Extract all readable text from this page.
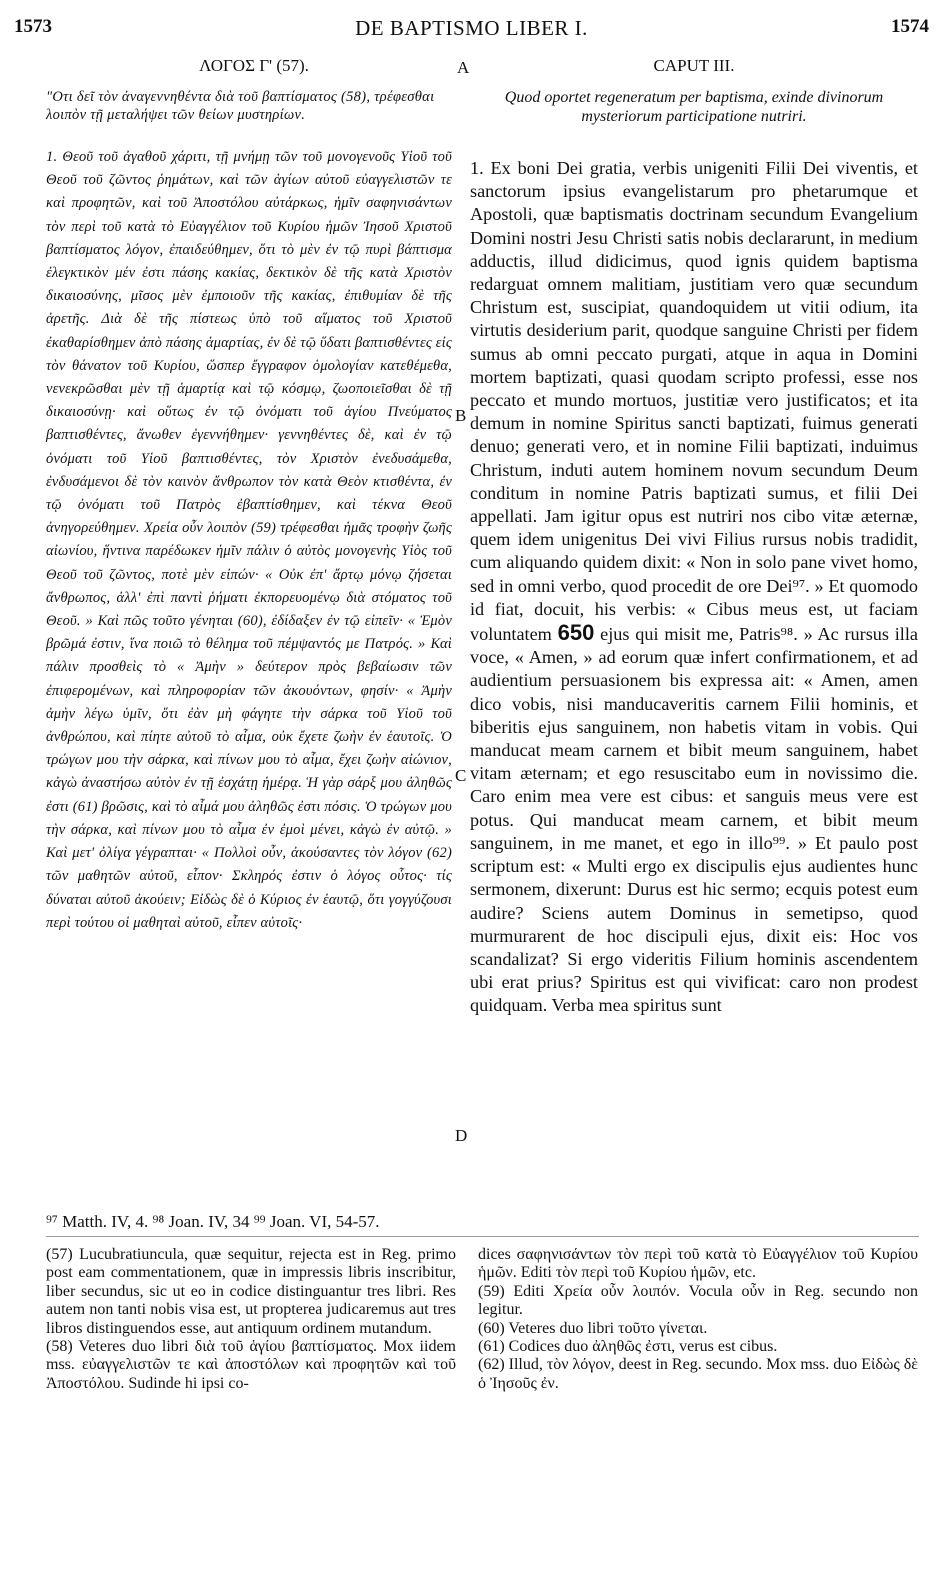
1573	DE BAPTISMO LIBER I.	1574
ΛΟΓΟΣ Γ' (57).
"Οτι δεῖ τὸν ἀναγεννηθέντα διὰ τοῦ βαπτίσματος (58), τρέφεσθαι λοιπὸν τῇ μεταλήψει τῶν θείων μυστηρίων.

1. Θεοῦ τοῦ ἀγαθοῦ χάριτι, τῇ μνήμῃ τῶν τοῦ μονογενοῦς Υἱοῦ τοῦ Θεοῦ τοῦ ζῶντος ῥημάτων, καὶ τῶν ἁγίων αὐτοῦ εὐαγγελιστῶν τε καὶ προφητῶν, καὶ τοῦ Ἀποστόλου αὐτάρκως, ἡμῖν σαφηνισάντων τὸν περὶ τοῦ κατὰ τὸ Εὐαγγέλιον τοῦ Κυρίου ἡμῶν Ἰησοῦ Χριστοῦ βαπτίσματος λόγον, ἐπαιδεύθημεν, ὅτι τὸ μὲν ἐν τῷ πυρὶ βάπτισμα ἐλεγκτικὸν μέν ἐστι πάσης κακίας, δεκτικὸν δὲ τῆς κατὰ Χριστὸν δικαιοσύνης, μῖσος μὲν ἐμποιοῦν τῆς κακίας, ἐπιθυμίαν δὲ τῆς ἀρετῆς. Διὰ δὲ τῆς πίστεως ὑπὸ τοῦ αἵματος τοῦ Χριστοῦ ἐκαθαρίσθημεν ἀπὸ πάσης ἁμαρτίας, ἐν δὲ τῷ ὕδατι βαπτισθέντες εἰς τὸν θάνατον τοῦ Κυρίου, ὥσπερ ἔγγραφον ὁμολογίαν κατεθέμεθα, νενεκρῶσθαι μὲν τῇ ἁμαρτίᾳ καὶ τῷ κόσμῳ, ζωοποιεῖσθαι δὲ τῇ δικαιοσύνῃ· καὶ οὕτως ἐν τῷ ὀνόματι τοῦ ἁγίου Πνεύματος βαπτισθέντες, ἄνωθεν ἐγεννήθημεν· γεννηθέντες δὲ, καὶ ἐν τῷ ὀνόματι τοῦ Υἱοῦ βαπτισθέντες, τὸν Χριστὸν ἐνεδυσάμεθα, ἐνδυσάμενοι δὲ τὸν καινὸν ἄνθρωπον τὸν κατὰ Θεὸν κτισθέντα, ἐν τῷ ὀνόματι τοῦ Πατρὸς ἐβαπτίσθημεν, καὶ τέκνα Θεοῦ ἀνηγορεύθημεν. Χρεία οὖν λοιπὸν (59) τρέφεσθαι ἡμᾶς τροφὴν ζωῆς αἰωνίου, ἥντινα παρέδωκεν ἡμῖν πάλιν ὁ αὐτὸς μονογενὴς Υἱὸς τοῦ Θεοῦ τοῦ ζῶντος, ποτὲ μὲν εἰπών· « Οὐκ ἐπ' ἄρτῳ μόνῳ ζήσεται ἄνθρωπος, ἀλλ' ἐπὶ παντὶ ῥήματι ἐκπορευομένῳ διὰ στόματος τοῦ Θεοῦ. » Καὶ πῶς τοῦτο γένηται (60), ἐδίδαξεν ἐν τῷ εἰπεῖν· « Ἐμὸν βρῶμά ἐστιν, ἵνα ποιῶ τὸ θέλημα τοῦ πέμψαντός με Πατρός. » Καὶ πάλιν προσθεὶς τὸ « Ἀμὴν » δεύτερον πρὸς βεβαίωσιν τῶν ἐπιφερομένων, καὶ πληροφορίαν τῶν ἀκουόντων, φησίν· « Ἀμὴν ἀμὴν λέγω ὑμῖν, ὅτι ἐὰν μὴ φάγητε τὴν σάρκα τοῦ Υἱοῦ τοῦ ἀνθρώπου, καὶ πίητε αὐτοῦ τὸ αἷμα, οὐκ ἔχετε ζωὴν ἐν ἑαυτοῖς. Ὁ τρώγων μου τὴν σάρκα, καὶ πίνων μου τὸ αἷμα, ἔχει ζωὴν αἰώνιον, κἀγὼ ἀναστήσω αὐτὸν ἐν τῇ ἐσχάτῃ ἡμέρᾳ. Ἡ γὰρ σάρξ μου ἀληθῶς ἐστι (61) βρῶσις, καὶ τὸ αἷμά μου ἀληθῶς ἐστι πόσις. Ὁ τρώγων μου τὴν σάρκα, καὶ πίνων μου τὸ αἷμα ἐν ἐμοὶ μένει, κἀγὼ ἐν αὐτῷ. » Καὶ μετ' ὀλίγα γέγραπται· « Πολλοὶ οὖν, ἀκούσαντες τὸν λόγον (62) τῶν μαθητῶν αὐτοῦ, εἶπον· Σκληρός ἐστιν ὁ λόγος οὗτος· τίς δύναται αὐτοῦ ἀκούειν; Εἰδὼς δὲ ὁ Κύριος ἐν ἑαυτῷ, ὅτι γογγύζουσι περὶ τούτου οἱ μαθηταὶ αὐτοῦ, εἶπεν αὐτοῖς·

A
B
C
D
CAPUT III.
Quod oportet regeneratum per baptisma, exinde divinorum mysteriorum participatione nutriri.

1. Ex boni Dei gratia, verbis unigeniti Filii Dei viventis, et sanctorum ipsius evangelistarum pro phetarumque et Apostoli, quæ baptismatis doctrinam secundum Evangelium Domini nostri Jesu Christi satis nobis declararunt, in medium adductis, illud didicimus, quod ignis quidem baptisma redarguat omnem malitiam, justitiam vero quæ secundum Christum est, suscipiat, quandoquidem ut vitii odium, ita virtutis desiderium parit, quodque sanguine Christi per fidem sumus ab omni peccato purgati, atque in aqua in Domini mortem baptizati, quasi quodam scripto professi, esse nos peccato et mundo mortuos, justitiæ vero justificatos; et ita demum in nomine Spiritus sancti baptizati, fuimus generati denuo; generati vero, et in nomine Filii baptizati, induimus Christum, induti autem hominem novum secundum Deum conditum in nomine Patris baptizati sumus, et filii Dei appellati. Jam igitur opus est nutriri nos cibo vitæ æternæ, quem idem unigenitus Dei vivi Filius rursus nobis tradidit, cum aliquando quidem dixit: « Non in solo pane vivet homo, sed in omni verbo, quod procedit de ore Dei⁹⁷. » Et quomodo id fiat, docuit, his verbis: « Cibus meus est, ut faciam voluntatem 650 ejus qui misit me, Patris⁹⁸. » Ac rursus illa voce, « Amen, » ad eorum quæ infert confirmationem, et ad audientium persuasionem bis expressa ait: « Amen, amen dico vobis, nisi manducaveritis carnem Filii hominis, et biberitis ejus sanguinem, non habetis vitam in vobis. Qui manducat meam carnem et bibit meum sanguinem, habet vitam æternam; et ego resuscitabo eum in novissimo die. Caro enim mea vere est cibus: et sanguis meus vere est potus. Qui manducat meam carnem, et bibit meum sanguinem, in me manet, et ego in illo⁹⁹. » Et paulo post scriptum est: « Multi ergo ex discipulis ejus audientes hunc sermonem, dixerunt: Durus est hic sermo; ecquis potest eum audire? Sciens autem Dominus in semetipso, quod murmurarent de hoc discipuli ejus, dixit eis: Hoc vos scandalizat? Si ergo videritis Filium hominis ascendentem ubi erat prius? Spiritus est qui vivificat: caro non prodest quidquam. Verba mea spiritus sunt

⁹⁷ Matth. IV, 4. ⁹⁸ Joan. IV, 34 ⁹⁹ Joan. VI, 54-57.

(57) Lucubratiuncula, quæ sequitur, rejecta est in Reg. primo post eam commentationem, quæ in impressis libris inscribitur, liber secundus, sic ut eo in codice distinguantur tres libri. Res autem non tanti nobis visa est, ut propterea judicaremus aut tres libros distinguendos esse, aut antiquum ordinem mutandum.

(58) Veteres duo libri διὰ τοῦ ἁγίου βαπτίσματος. Mox iidem mss. εὐαγγελιστῶν τε καὶ ἀποστόλων καὶ προφητῶν καὶ τοῦ Ἀποστόλου. Sudinde hi ipsi co-

dices σαφηνισάντων τὸν περὶ τοῦ κατὰ τὸ Εὐαγγέλιον τοῦ Κυρίου ἡμῶν. Editi τὸν περὶ τοῦ Κυρίου ἡμῶν, etc.

(59) Editi Χρεία οὖν λοιπόν. Vocula οὖν in Reg. secundo non legitur.

(60) Veteres duo libri τοῦτο γίνεται.

(61) Codices duo ἀληθῶς ἐστι, verus est cibus.

(62) Illud, τὸν λόγον, deest in Reg. secundo. Mox mss. duo Εἰδὼς δὲ ὁ Ἰησοῦς ἐν.
